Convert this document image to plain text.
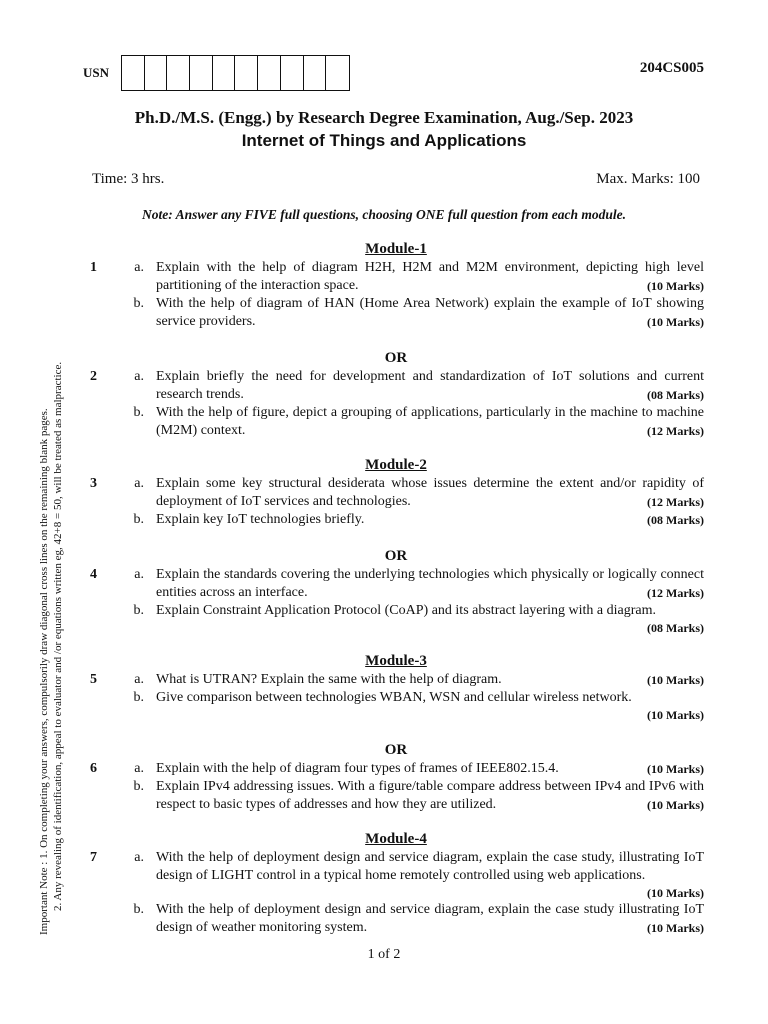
USN	204CS005
Ph.D./M.S. (Engg.) by Research Degree Examination, Aug./Sep. 2023
Internet of Things and Applications
Time: 3 hrs.	Max. Marks: 100
Note: Answer any FIVE full questions, choosing ONE full question from each module.
Important Note : 1. On completing your answers, compulsorily draw diagonal cross lines on the remaining blank pages. 2. Any revealing of identification, appeal to evaluator and /or equations written eg, 42+8 = 50, will be treated as malpractice.
Module-1
1	a. Explain with the help of diagram H2H, H2M and M2M environment, depicting high level partitioning of the interaction space.	(10 Marks)
b. With the help of diagram of HAN (Home Area Network) explain the example of IoT showing service providers.	(10 Marks)
OR
2	a. Explain briefly the need for development and standardization of IoT solutions and current research trends.	(08 Marks)
b. With the help of figure, depict a grouping of applications, particularly in the machine to machine (M2M) context.	(12 Marks)
Module-2
3	a. Explain some key structural desiderata whose issues determine the extent and/or rapidity of deployment of IoT services and technologies.	(12 Marks)
b. Explain key IoT technologies briefly.	(08 Marks)
OR
4	a. Explain the standards covering the underlying technologies which physically or logically connect entities across an interface.	(12 Marks)
b. Explain Constraint Application Protocol (CoAP) and its abstract layering with a diagram.
(08 Marks)
Module-3
5	a. What is UTRAN? Explain the same with the help of diagram.	(10 Marks)
b. Give comparison between technologies WBAN, WSN and cellular wireless network.
(10 Marks)
OR
6	a. Explain with the help of diagram four types of frames of IEEE802.15.4.	(10 Marks)
b. Explain IPv4 addressing issues. With a figure/table compare address between IPv4 and IPv6 with respect to basic types of addresses and how they are utilized.	(10 Marks)
Module-4
7	a. With the help of deployment design and service diagram, explain the case study, illustrating IoT design of LIGHT control in a typical home remotely controlled using web applications.
(10 Marks)
b. With the help of deployment design and service diagram, explain the case study illustrating IoT design of weather monitoring system.	(10 Marks)
1 of 2
